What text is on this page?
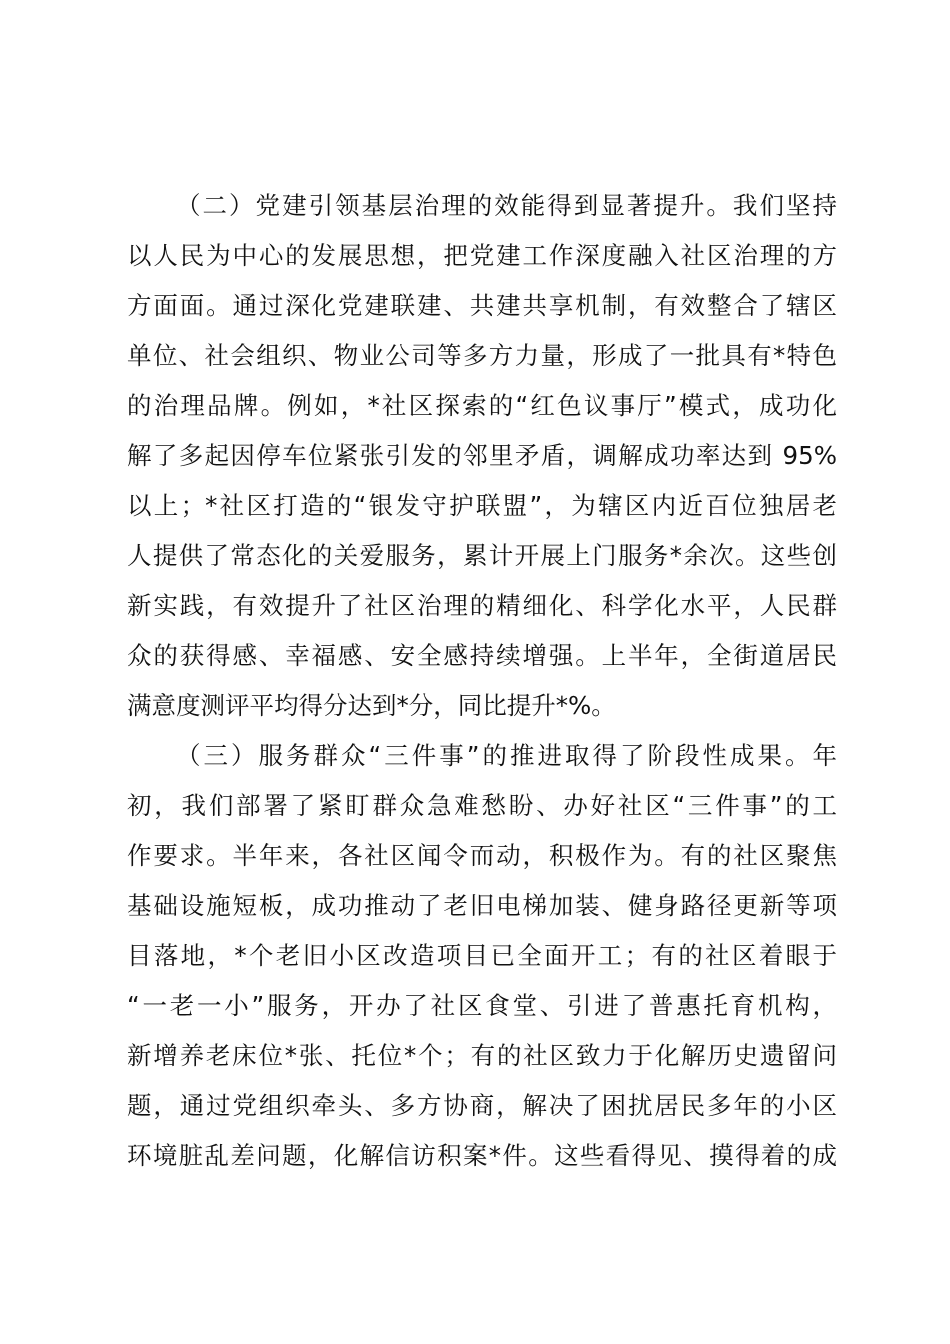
（二）党建引领基层治理的效能得到显著提升。我们坚持
以人民为中心的发展思想，把党建工作深度融入社区治理的方
方面面。通过深化党建联建、共建共享机制，有效整合了辖区
单位、社会组织、物业公司等多方力量，形成了一批具有*特色
的治理品牌。例如，*社区探索的“红色议事厅”模式，成功化
解了多起因停车位紧张引发的邻里矛盾，调解成功率达到 95%
以上；*社区打造的“银发守护联盟”，为辖区内近百位独居老
人提供了常态化的关爱服务，累计开展上门服务*余次。这些创
新实践，有效提升了社区治理的精细化、科学化水平，人民群
众的获得感、幸福感、安全感持续增强。上半年，全街道居民
满意度测评平均得分达到*分，同比提升*%。
（三）服务群众“三件事”的推进取得了阶段性成果。年
初，我们部署了紧盯群众急难愁盼、办好社区“三件事”的工
作要求。半年来，各社区闻令而动，积极作为。有的社区聚焦
基础设施短板，成功推动了老旧电梯加装、健身路径更新等项
目落地，*个老旧小区改造项目已全面开工；有的社区着眼于
“一老一小”服务，开办了社区食堂、引进了普惠托育机构，
新增养老床位*张、托位*个；有的社区致力于化解历史遗留问
题，通过党组织牵头、多方协商，解决了困扰居民多年的小区
环境脏乱差问题，化解信访积案*件。这些看得见、摸得着的成
